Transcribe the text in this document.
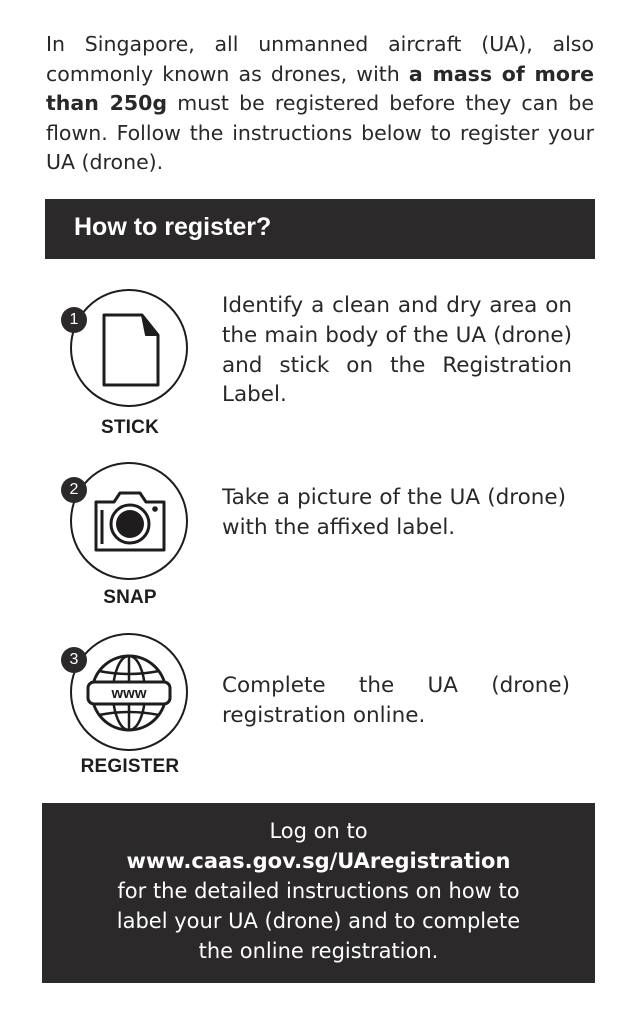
In Singapore, all unmanned aircraft (UA), also commonly known as drones, with a mass of more than 250g must be registered before they can be flown. Follow the instructions below to register your UA (drone).
How to register?
1
STICK
Identify a clean and dry area on the main body of the UA (drone) and stick on the Registration Label.
2
SNAP
Take a picture of the UA (drone) with the affixed label.
www
3
REGISTER
Complete the UA (drone) registration online.
Log on to
www.caas.gov.sg/UAregistration
for the detailed instructions on how to
label your UA (drone) and to complete
the online registration.
